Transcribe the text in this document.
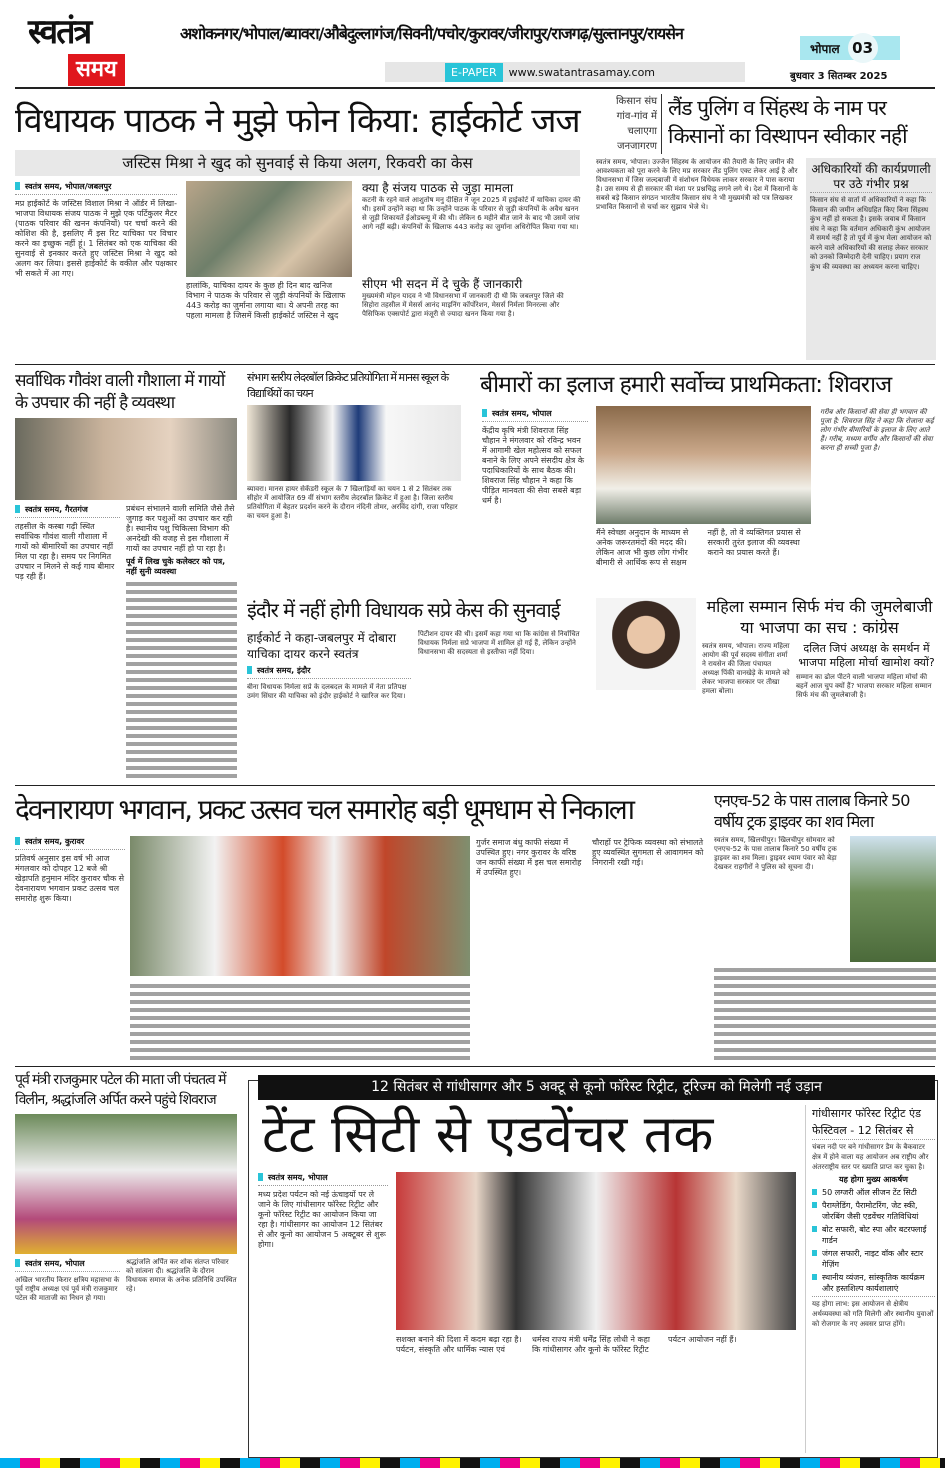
स्वतंत्र
समय
अशोकनगर/भोपाल/ब्यावरा/औबेदुल्लागंज/सिवनी/पचोर/कुरावर/जीरापुर/राजगढ़/सुल्तानपुर/रायसेन
भोपाल 03
E-PAPER	www.swatantrasamay.com	बुधवार 3 सितम्बर 2025
विधायक पाठक ने मुझे फोन किया: हाईकोर्ट जज
जस्टिस मिश्रा ने खुद को सुनवाई से किया अलग, रिकवरी का केस
स्वतंत्र समय, भोपाल/जबलपुर
मप्र हाईकोर्ट के जस्टिस विशाल मिश्रा ने ऑर्डर में लिखा-भाजपा विधायक संजय पाठक ने मुझे एक पर्टिकुलर मैटर (पाठक परिवार की खनन कंपनियों) पर चर्चा करने की कोशिश की है, इसलिए मैं इस रिट याचिका पर विचार करने का इच्छुक नहीं हूं। 1 सितंबर को एक याचिका की सुनवाई से इनकार करते हुए जस्टिस मिश्रा ने खुद को अलग कर लिया। इससे हाईकोर्ट के वकील और पक्षकार भी सकते में आ गए।
हालांकि, याचिका दायर के कुछ ही दिन बाद खनिज विभाग ने पाठक के परिवार से जुड़ी कंपनियों के खिलाफ 443 करोड़ का जुर्माना लगाया था। ये अपनी तरह का पहला मामला है जिसमें किसी हाईकोर्ट जस्टिस ने खुद
क्या है संजय पाठक से जुड़ा मामला
कटनी के रहने वाले आशुतोष मनु दीक्षित ने जून 2025 में हाईकोर्ट में याचिका दायर की थी। इसमें उन्होंने कहा था कि उन्होंने पाठक के परिवार से जुड़ी कंपनियों के अवैध खनन से जुड़ी शिकायतें ईओडब्ल्यू में की थी। लेकिन 6 महीने बीत जाने के बाद भी उसमें जांच आगे नहीं बढ़ी। कंपनियों के खिलाफ 443 करोड़ का जुर्माना अधिरोपित किया गया था।
सीएम भी सदन में दे चुके हैं जानकारी
मुख्यमंत्री मोहन यादव ने भी विधानसभा में जानकारी दी थी कि जबलपुर जिले की सिहोरा तहसील में मेसर्स आनंद माइनिंग कॉर्पोरेशन, मेसर्स निर्मला मिनरल्स और पैसिफिक एक्सपोर्ट द्वारा मंजूरी से ज्यादा खनन किया गया है।
किसान संघ गांव-गांव में चलाएगा जनजागरण
लैंड पुलिंग व सिंहस्थ के नाम पर किसानों का विस्थापन स्वीकार नहीं
स्वतंत्र समय, भोपाल। उज्जैन सिंहस्थ के आयोजन की तैयारी के लिए जमीन की आवश्यकता को पूरा करने के लिए मप्र सरकार लैंड पुलिंग एक्ट लेकर आई है और विधानसभा में जिस जल्दबाजी में संशोधन विधेयक लाकर सरकार ने पास कराया है। उस समय से ही सरकार की मंशा पर प्रश्नचिह्न लगने लगे थे। देश में किसानों के सबसे बड़े किसान संगठन भारतीय किसान संघ ने भी मुख्यमंत्री को पत्र लिखकर प्रभावित किसानों से चर्चा कर सुझाव भेजे थे।
अधिकारियों की कार्यप्रणाली पर उठे गंभीर प्रश्न
किसान संघ से वार्ता में अधिकारियों ने कहा कि किसान की जमीन अधिग्रहित किए बिना सिंहस्थ कुंभ नहीं हो सकता है। इसके जवाब में किसान संघ ने कहा कि वर्तमान अधिकारी कुंभ आयोजन में समर्थ नहीं है तो पूर्व में कुंभ मेला आयोजन को करने वाले अधिकारियों की सलाह लेकर सरकार को उनको जिम्मेदारी देनी चाहिए। प्रयाग राज कुंभ की व्यवस्था का अध्ययन करना चाहिए।
सर्वाधिक गौवंश वाली गौशाला में गायों के उपचार की नहीं है व्यवस्था
स्वतंत्र समय, गैरतगंज
तहसील के कस्बा गढ़ी स्थित सर्वाधिक गौवंश वाली गौशाला में गायों को बीमारियों का उपचार नहीं मिल पा रहा है। समय पर निगमित उपचार न मिलने से कई गाय बीमार पड़ रही हैं।
प्रबंधन संभालने वाली समिति जैसे तैसे जुगाड़ कर पशुओं का उपचार कर रही है। स्थानीय पशु चिकित्सा विभाग की अनदेखी की वजह से इस गौशाला में गायों का उपचार नहीं हो पा रहा है।
पूर्व में लिख चुके कलेक्टर को पत्र, नहीं सुनी व्यवस्था
संभाग स्तरीय लेदरबॉल क्रिकेट प्रतियोगिता में मानस स्कूल के विद्यार्थियों का चयन
ब्यावरा। मानस हायर सेकेंडरी स्कूल के 7 खिलाड़ियों का चयन 1 से 2 सितंबर तक सीहोर में आयोजित 69 वीं संभाग स्तरीय लेदरबॉल क्रिकेट में हुआ है। जिला स्तरीय प्रतियोगिता में बेहतर प्रदर्शन करने के दौरान नंदिनी तोमर, अरविंद दांगी, राजा परिहार का चयन हुआ है।
बीमारों का इलाज हमारी सर्वोच्च प्राथमिकता: शिवराज
स्वतंत्र समय, भोपाल
केंद्रीय कृषि मंत्री शिवराज सिंह चौहान ने मंगलवार को रविन्द्र भवन में आगामी खेल महोत्सव को सफल बनाने के लिए अपने संसदीय क्षेत्र के पदाधिकारियों के साथ बैठक की। शिवराज सिंह चौहान ने कहा कि पीड़ित मानवता की सेवा सबसे बड़ा धर्म है।
मैंने स्वेच्छा अनुदान के माध्यम से अनेक जरूरतमंदों की मदद की। लेकिन आज भी कुछ लोग गंभीर बीमारी से आर्थिक रूप से सक्षम नहीं है, तो वे व्यक्तिगत प्रयास से सरकारी तुरंत इलाज की व्यवस्था कराने का प्रयास करते हैं।
गरीब और किसानों की सेवा ही भगवान की पूजा है: शिवराज सिंह ने कहा कि रोजाना कई लोग गंभीर बीमारियों के इलाज के लिए आते हैं। गरीब, मध्यम वर्गीय और किसानों की सेवा करना ही सच्ची पूजा है।
इंदौर में नहीं होगी विधायक सप्रे केस की सुनवाई
हाईकोर्ट ने कहा-जबलपुर में दोबारा याचिका दायर करने स्वतंत्र
स्वतंत्र समय, इंदौर
बीना विधायक निर्मला सप्रे के दलबदल के मामले में नेता प्रतिपक्ष उमंग सिंघार की याचिका को इंदौर हाईकोर्ट ने खारिज कर दिया।
पिटीशन दायर की थी। इसमें कहा गया था कि कांग्रेस से निर्वाचित विधायक निर्मला सप्रे भाजपा में शामिल हो गई हैं, लेकिन उन्होंने विधानसभा की सदस्यता से इस्तीफा नहीं दिया।
महिला सम्मान सिर्फ मंच की जुमलेबाजी या भाजपा का सच : कांग्रेस
स्वतंत्र समय, भोपाल। राज्य महिला आयोग की पूर्व सदस्य संगीता शर्मा ने रायसेन की जिला पंचायत अध्यक्ष पिंकी वानखेड़े के मामले को लेकर भाजपा सरकार पर तीखा हमला बोला।
दलित जिपं अध्यक्ष के समर्थन में भाजपा महिला मोर्चा खामोश क्यों?
सम्मान का ढोल पीटने वाली भाजपा महिला मोर्चा की बहनें आज चुप क्यों हैं? भाजपा सरकार महिला सम्मान सिर्फ मंच की जुमलेबाजी है।
देवनारायण भगवान, प्रकट उत्सव चल समारोह बड़ी धूमधाम से निकाला
स्वतंत्र समय, कुरावर
प्रतिवर्ष अनुसार इस वर्ष भी आज मंगलवार को दोपहर 12 बजे श्री खेड़ापति हनुमान मंदिर कुरावर चौक से देवनारायण भगवान प्रकट उत्सव चल समारोह शुरू किया।
गुर्जर समाज बंधु काफी संख्या में उपस्थित हुए। नगर कुरावर के वरिष्ठ जन काफी संख्या में इस चल समारोह में उपस्थित हुए।
चौराहों पर ट्रैफिक व्यवस्था को संभालते हुए व्यवस्थित सुगमता से आवागमन को निगरानी रखी गई।
एनएच-52 के पास तालाब किनारे 50 वर्षीय ट्रक ड्राइवर का शव मिला
स्वतंत्र समय, खिलचीपुर। खिलचीपुर सोमवार को एनएच-52 के पास तालाब किनारे 50 वर्षीय ट्रक ड्राइवर का शव मिला। ड्राइवर श्याम पंवार को बेड़ा देखकर राहगीरों ने पुलिस को सूचना दी।
पूर्व मंत्री राजकुमार पटेल की माता जी पंचतत्व में विलीन, श्रद्धांजलि अर्पित करने पहुंचे शिवराज
स्वतंत्र समय, भोपाल
अखिल भारतीय किरार क्षत्रिय महासभा के पूर्व राष्ट्रीय अध्यक्ष एवं पूर्व मंत्री राजकुमार पटेल की माताजी का निधन हो गया।
श्रद्धांजलि अर्पित कर शोक संतप्त परिवार को सांत्वना दी। श्रद्धांजलि के दौरान विधायक समाज के अनेक प्रतिनिधि उपस्थित रहे।
12 सितंबर से गांधीसागर और 5 अक्टू से कूनो फॉरेस्ट रिट्रीट, टूरिज्म को मिलेगी नई उड़ान
टेंट सिटी से एडवेंचर तक
स्वतंत्र समय, भोपाल
मध्य प्रदेश पर्यटन को नई ऊंचाइयों पर ले जाने के लिए गांधीसागर फॉरेस्ट रिट्रीट और कूनो फॉरेस्ट रिट्रीट का आयोजन किया जा रहा है। गांधीसागर का आयोजन 12 सितंबर से और कूनो का आयोजन 5 अक्टूबर से शुरू होगा।
सशक्त बनाने की दिशा में कदम बढ़ा रहा है। पर्यटन, संस्कृति और धार्मिक न्यास एवं धर्मस्व राज्य मंत्री धर्मेंद्र सिंह लोधी ने कहा कि गांधीसागर और कूनो के फॉरेस्ट रिट्रीट पर्यटन आयोजन नहीं हैं।
गांधीसागर फॉरेस्ट रिट्रीट एंड फेस्टिवल - 12 सितंबर से
चंबल नदी पर बने गांधीसागर डैम के बैकवाटर क्षेत्र में होने वाला यह आयोजन अब राष्ट्रीय और अंतरराष्ट्रीय स्तर पर ख्याति प्राप्त कर चुका है।
यह होगा मुख्य आकर्षण
50 लग्जरी ऑल सीजन टेंट सिटी
पैराग्लेडिंग, पैरामोटरिंग, जेट स्की, जोरबिंग जैसी एडवेंचर गतिविधियां
बोट सफारी, बोट स्पा और बटरफ्लाई गार्डन
जंगल सफारी, नाइट वॉक और स्टार गेज़िंग
स्थानीय व्यंजन, सांस्कृतिक कार्यक्रम और हस्तशिल्प कार्यशालाएं
यह होगा लाभ: इस आयोजन से क्षेत्रीय अर्थव्यवस्था को गति मिलेगी और स्थानीय युवाओं को रोजगार के नए अवसर प्राप्त होंगे।
